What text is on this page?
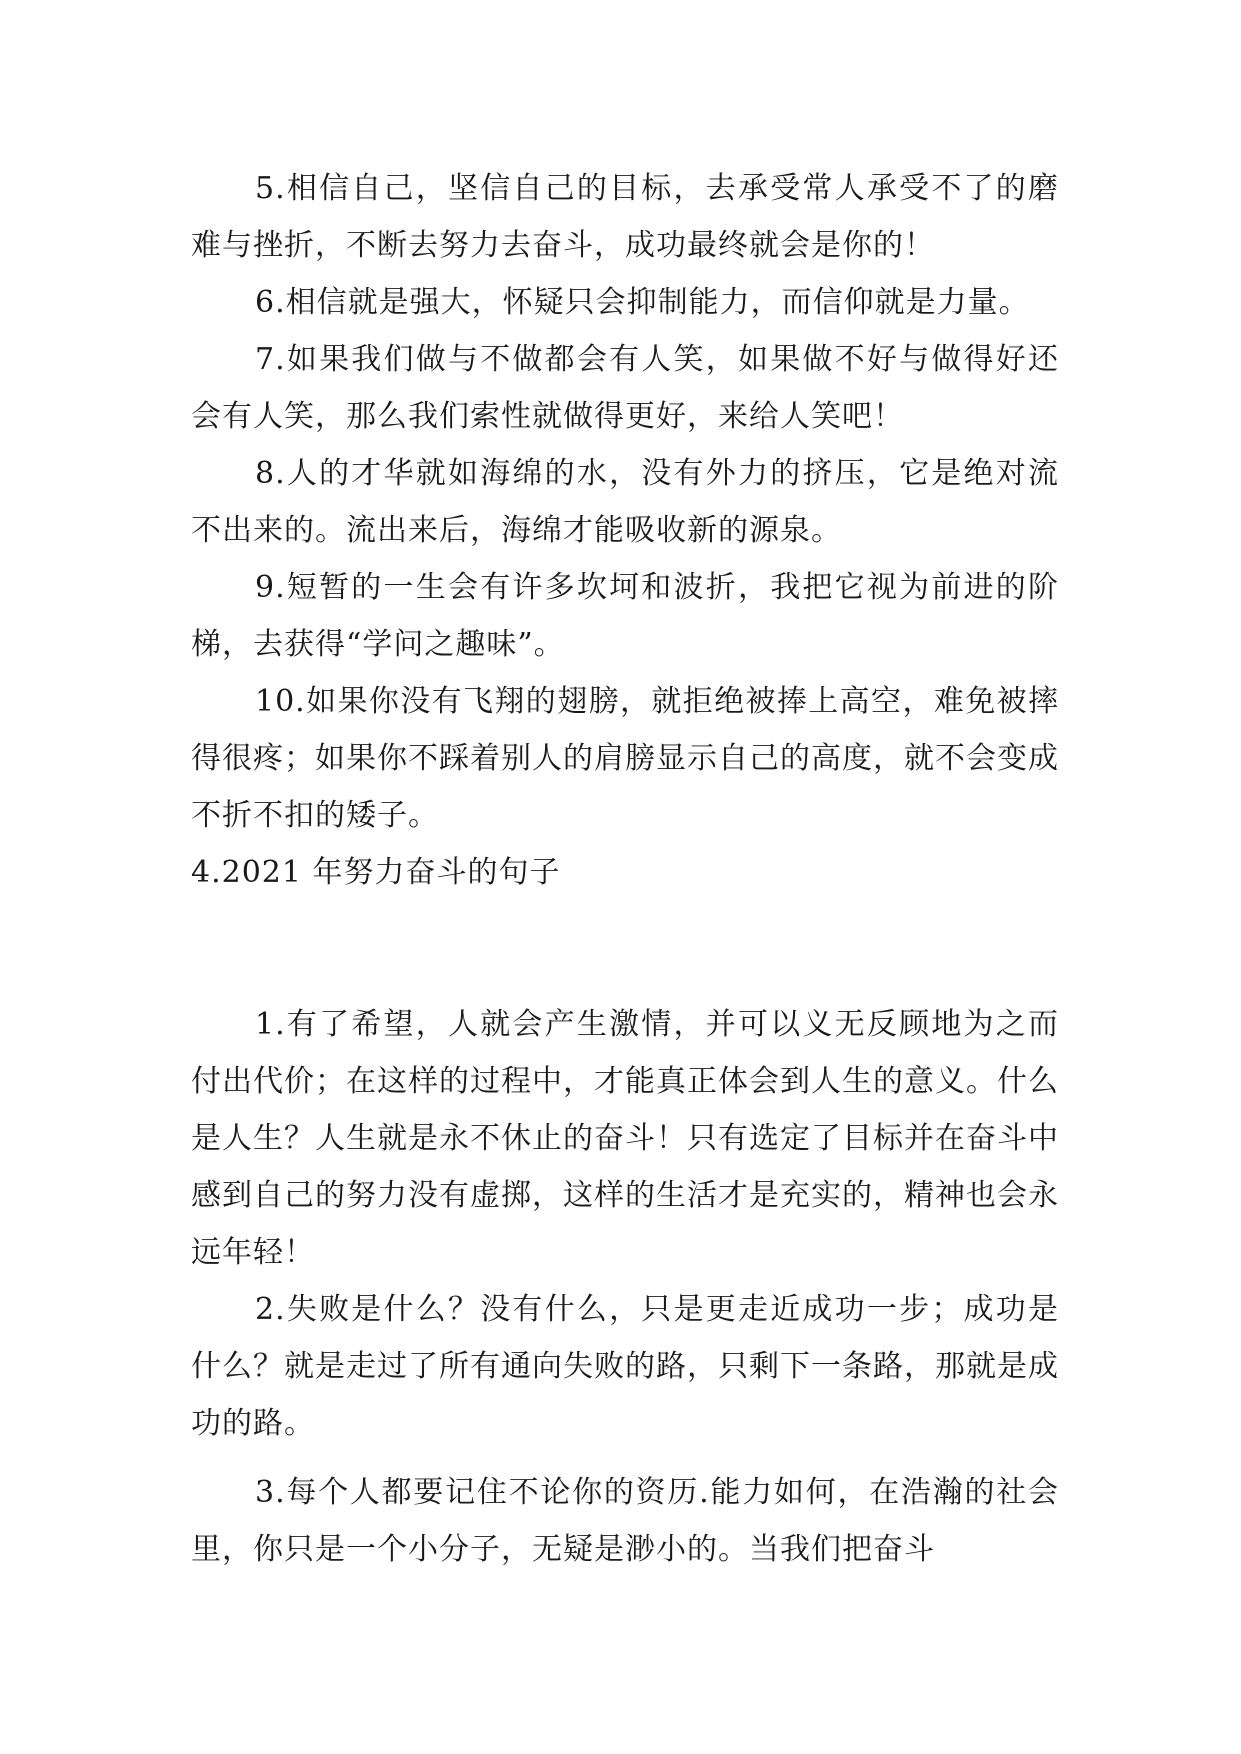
5.相信自己，坚信自己的目标，去承受常人承受不了的磨难与挫折，不断去努力去奋斗，成功最终就会是你的！

6.相信就是强大，怀疑只会抑制能力，而信仰就是力量。

7.如果我们做与不做都会有人笑，如果做不好与做得好还会有人笑，那么我们索性就做得更好，来给人笑吧！

8.人的才华就如海绵的水，没有外力的挤压，它是绝对流不出来的。流出来后，海绵才能吸收新的源泉。

9.短暂的一生会有许多坎坷和波折，我把它视为前进的阶梯，去获得“学问之趣味”。

10.如果你没有飞翔的翅膀，就拒绝被捧上高空，难免被摔得很疼；如果你不踩着别人的肩膀显示自己的高度，就不会变成不折不扣的矮子。

4.2021 年努力奋斗的句子

1.有了希望，人就会产生激情，并可以义无反顾地为之而付出代价；在这样的过程中，才能真正体会到人生的意义。什么是人生？人生就是永不休止的奋斗！只有选定了目标并在奋斗中感到自己的努力没有虚掷，这样的生活才是充实的，精神也会永远年轻！

2.失败是什么？没有什么，只是更走近成功一步；成功是什么？就是走过了所有通向失败的路，只剩下一条路，那就是成功的路。

3.每个人都要记住不论你的资历.能力如何，在浩瀚的社会里，你只是一个小分子，无疑是渺小的。当我们把奋斗
